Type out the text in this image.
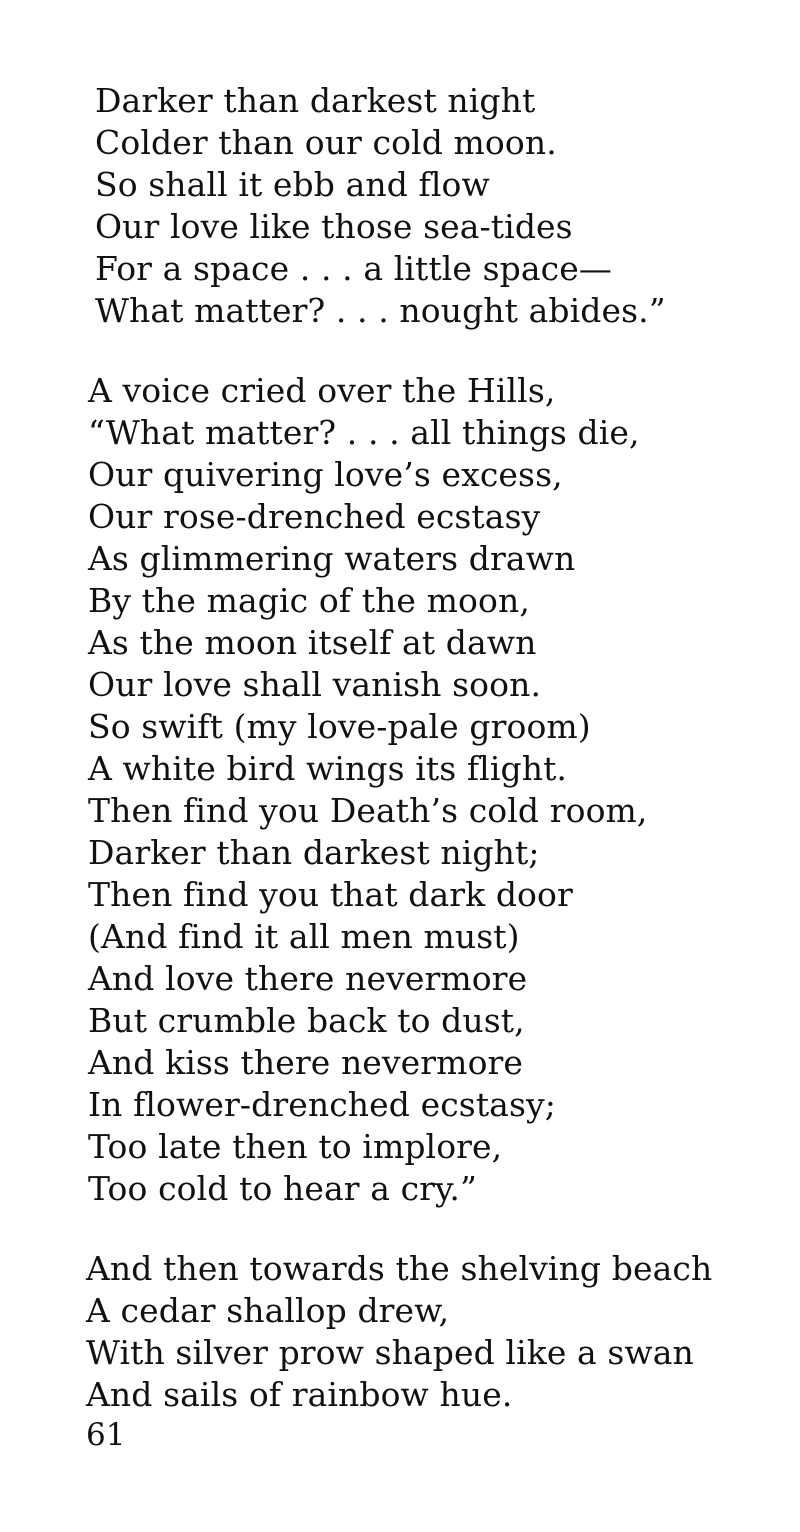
Darker than darkest night
Colder than our cold moon.
So shall it ebb and flow
Our love like those sea-tides
For a space . . . a little space—
What matter? . . . nought abides.”
A voice cried over the Hills,
“What matter? . . . all things die,
Our quivering love’s excess,
Our rose-drenched ecstasy
As glimmering waters drawn
By the magic of the moon,
As the moon itself at dawn
Our love shall vanish soon.
So swift (my love-pale groom)
A white bird wings its flight.
Then find you Death’s cold room,
Darker than darkest night;
Then find you that dark door
(And find it all men must)
And love there nevermore
But crumble back to dust,
And kiss there nevermore
In flower-drenched ecstasy;
Too late then to implore,
Too cold to hear a cry.”
And then towards the shelving beach
A cedar shallop drew,
With silver prow shaped like a swan
And sails of rainbow hue.
61
